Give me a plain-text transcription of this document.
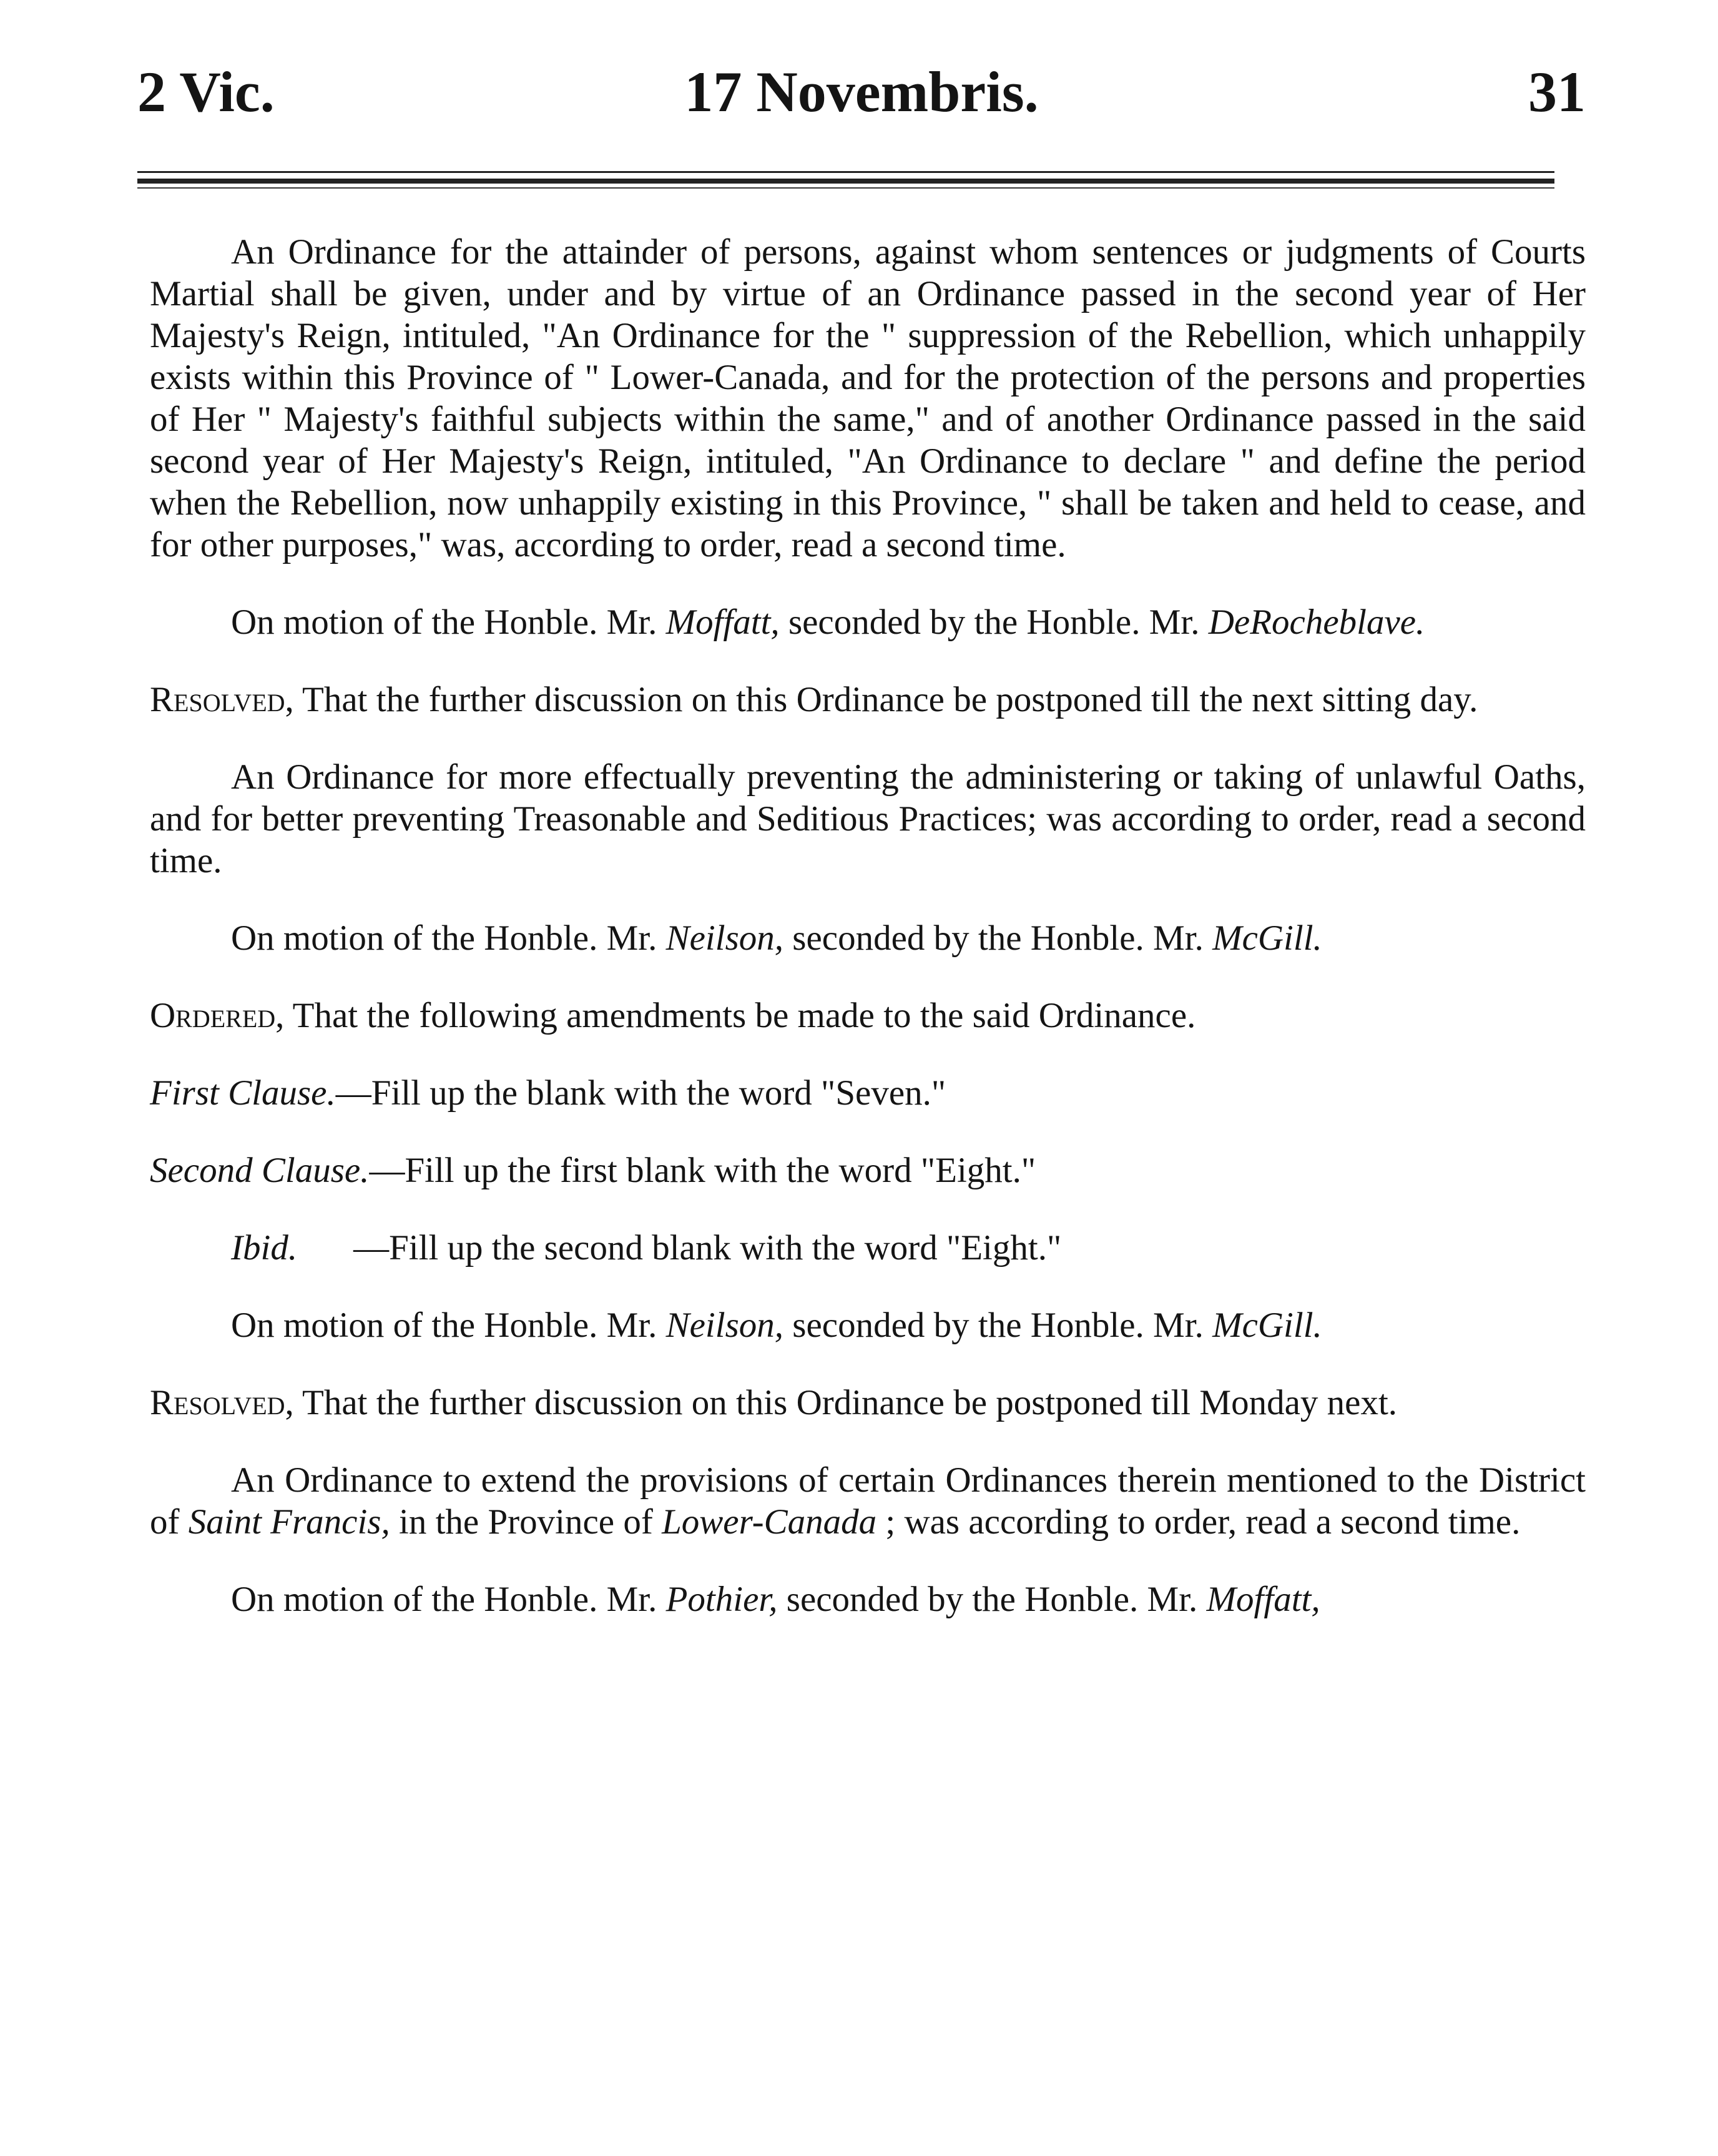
2 Vic.	17 Novembris.	31

An Ordinance for the attainder of persons, against whom sentences or judgments of Courts Martial shall be given, under and by virtue of an Ordinance passed in the second year of Her Majesty's Reign, intituled, "An Ordinance for the " suppression of the Rebellion, which unhappily exists within this Province of " Lower-Canada, and for the protection of the persons and properties of Her " Majesty's faithful subjects within the same," and of another Ordinance passed in the said second year of Her Majesty's Reign, intituled, "An Ordinance to declare " and define the period when the Rebellion, now unhappily existing in this Province, " shall be taken and held to cease, and for other purposes," was, according to order, read a second time.

On motion of the Honble. Mr. Moffatt, seconded by the Honble. Mr. DeRocheblave.

Resolved, That the further discussion on this Ordinance be postponed till the next sitting day.

An Ordinance for more effectually preventing the administering or taking of unlawful Oaths, and for better preventing Treasonable and Seditious Practices; was according to order, read a second time.

On motion of the Honble. Mr. Neilson, seconded by the Honble. Mr. McGill.

Ordered, That the following amendments be made to the said Ordinance.

First Clause.—Fill up the blank with the word "Seven."

Second Clause.—Fill up the first blank with the word "Eight."

Ibid. —Fill up the second blank with the word "Eight."

On motion of the Honble. Mr. Neilson, seconded by the Honble. Mr. McGill.

Resolved, That the further discussion on this Ordinance be postponed till Monday next.

An Ordinance to extend the provisions of certain Ordinances therein mentioned to the District of Saint Francis, in the Province of Lower-Canada ; was according to order, read a second time.

On motion of the Honble. Mr. Pothier, seconded by the Honble. Mr. Moffatt,
